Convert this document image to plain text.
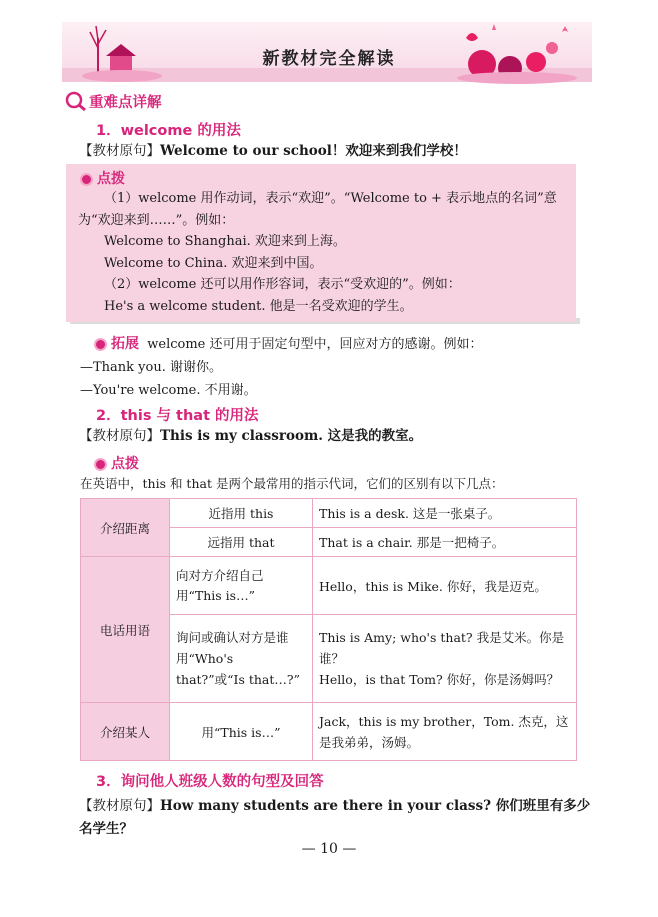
新教材完全解读
重难点详解
1．welcome 的用法
【教材原句】Welcome to our school！欢迎来到我们学校！
点拨
（1）welcome 用作动词，表示“欢迎”。“Welcome to + 表示地点的名词”意
为“欢迎来到……”。例如：
Welcome to Shanghai. 欢迎来到上海。
Welcome to China. 欢迎来到中国。
（2）welcome 还可以用作形容词，表示“受欢迎的”。例如：
He's a welcome student. 他是一名受欢迎的学生。
拓展 welcome 还可用于固定句型中，回应对方的感谢。例如：
—Thank you. 谢谢你。
—You're welcome. 不用谢。
2．this 与 that 的用法
【教材原句】This is my classroom. 这是我的教室。
点拨
在英语中，this 和 that 是两个最常用的指示代词，它们的区别有以下几点：
介绍距离	近指用 this	This is a desk. 这是一张桌子。
	远指用 that	That is a chair. 那是一把椅子。
电话用语	向对方介绍自己用“This is…”	Hello，this is Mike. 你好，我是迈克。
	询问或确认对方是谁用“Who's that?”或“Is that…?”	This is Amy; who's that? 我是艾米。你是谁？
Hello，is that Tom? 你好，你是汤姆吗？

介绍某人	用“This is…”	Jack，this is my brother，Tom. 杰克，这是我弟弟，汤姆。
3．询问他人班级人数的句型及回答
【教材原句】How many students are there in your class? 你们班里有多少名学生？
— 10 —
